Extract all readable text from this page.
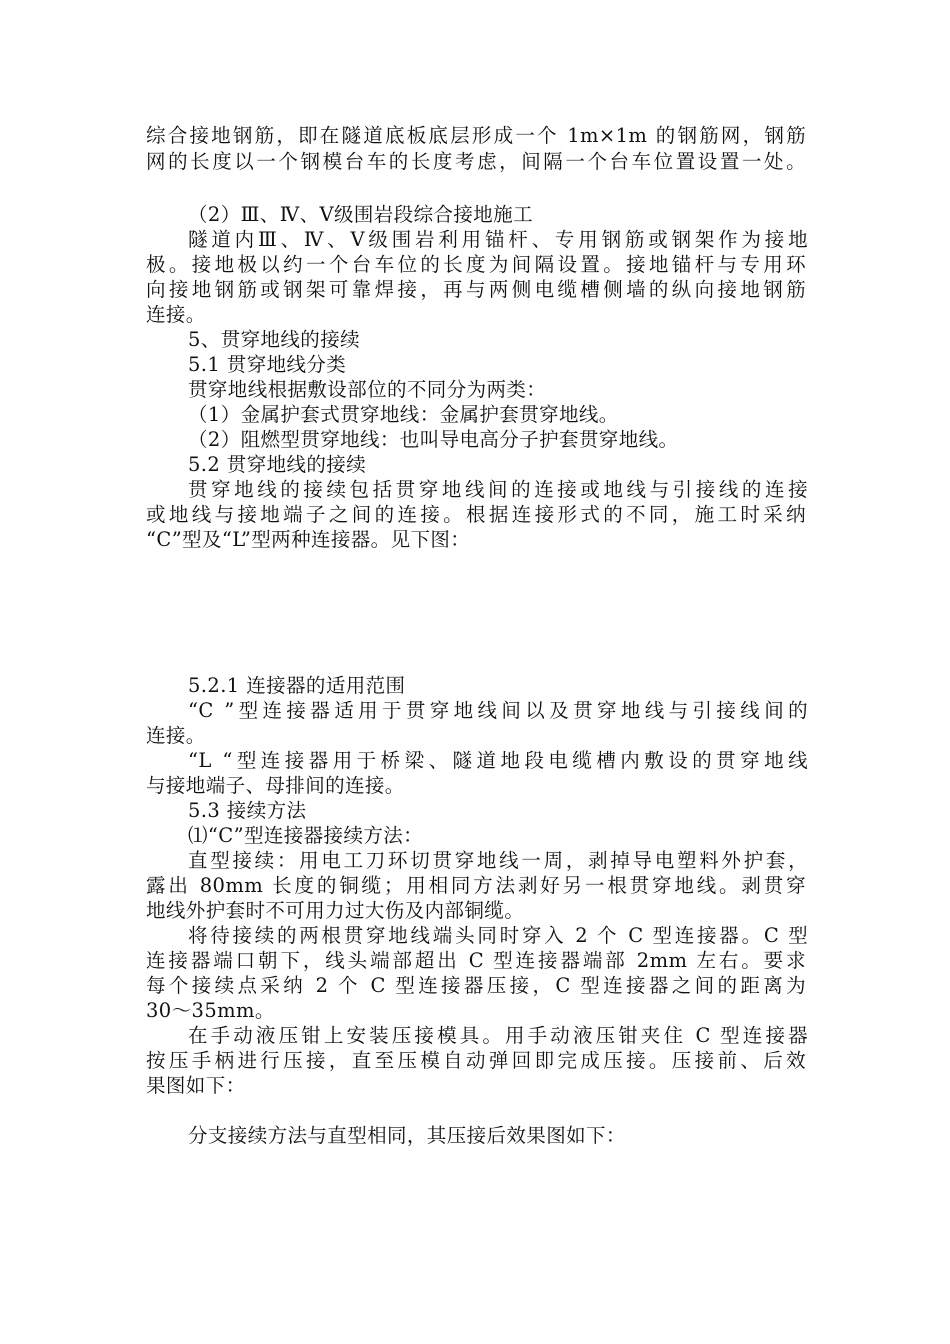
综合接地钢筋，即在隧道底板底层形成一个 1m×1m 的钢筋网，钢筋
网的长度以一个钢模台车的长度考虑，间隔一个台车位置设置一处。
（2）Ⅲ、Ⅳ、Ⅴ级围岩段综合接地施工
隧道内Ⅲ、Ⅳ、Ⅴ级围岩利用锚杆、专用钢筋或钢架作为接地
极。接地极以约一个台车位的长度为间隔设置。接地锚杆与专用环
向接地钢筋或钢架可靠焊接，再与两侧电缆槽侧墙的纵向接地钢筋
连接。
5、贯穿地线的接续
5.1 贯穿地线分类
贯穿地线根据敷设部位的不同分为两类：
（1）金属护套式贯穿地线：金属护套贯穿地线。
（2）阻燃型贯穿地线：也叫导电高分子护套贯穿地线。
5.2 贯穿地线的接续
贯穿地线的接续包括贯穿地线间的连接或地线与引接线的连接
或地线与接地端子之间的连接。根据连接形式的不同，施工时采纳
“C”型及“L”型两种连接器。见下图：
5.2.1 连接器的适用范围
“C ”型连接器适用于贯穿地线间以及贯穿地线与引接线间的
连接。
“L “型连接器用于桥梁、隧道地段电缆槽内敷设的贯穿地线
与接地端子、母排间的连接。
5.3 接续方法
⑴“C”型连接器接续方法：
直型接续：用电工刀环切贯穿地线一周，剥掉导电塑料外护套，
露出 80mm 长度的铜缆；用相同方法剥好另一根贯穿地线。剥贯穿
地线外护套时不可用力过大伤及内部铜缆。
将待接续的两根贯穿地线端头同时穿入 2 个 C 型连接器。C 型
连接器端口朝下，线头端部超出 C 型连接器端部 2mm 左右。要求
每个接续点采纳 2 个 C 型连接器压接，C 型连接器之间的距离为
30～35mm。
在手动液压钳上安装压接模具。用手动液压钳夹住 C 型连接器
按压手柄进行压接，直至压模自动弹回即完成压接。压接前、后效
果图如下：
分支接续方法与直型相同，其压接后效果图如下：
